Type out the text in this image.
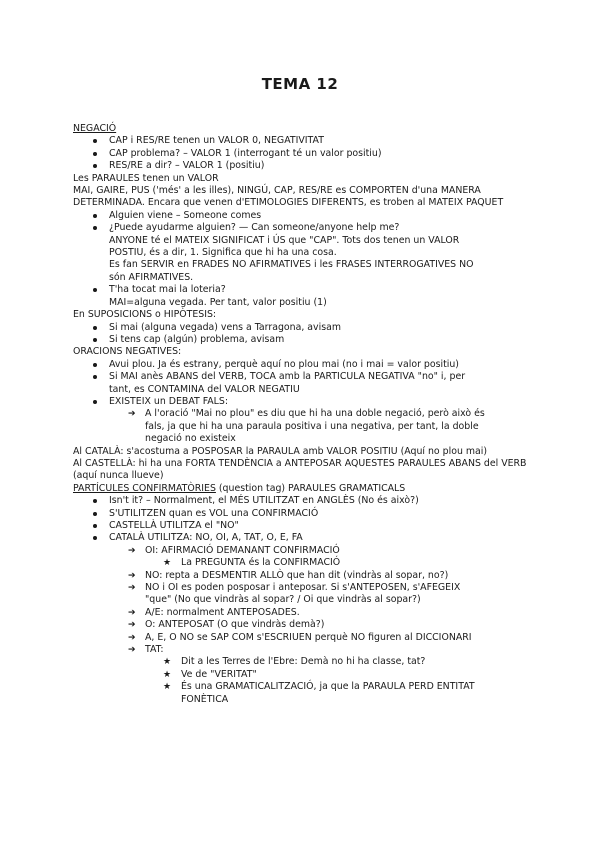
TEMA 12
NEGACIÓ
CAP i RES/RE tenen un VALOR 0, NEGATIVITAT
CAP problema? – VALOR 1 (interrogant té un valor positiu)
RES/RE a dir? – VALOR 1 (positiu)
Les PARAULES tenen un VALOR
MAI, GAIRE, PUS ('més' a les illes), NINGÚ, CAP, RES/RE es COMPORTEN d'una MANERA DETERMINADA. Encara que venen d'ETIMOLOGIES DIFERENTS, es troben al MATEIX PAQUET
Alguien viene – Someone comes
¿Puede ayudarme alguien? — Can someone/anyone help me?
ANYONE té el MATEIX SIGNIFICAT i ÚS que "CAP". Tots dos tenen un VALOR
POSTIU, és a dir, 1. Significa que hi ha una cosa.
Es fan SERVIR en FRADES NO AFIRMATIVES i les FRASES INTERROGATIVES NO
són AFIRMATIVES.
T'ha tocat mai la loteria?
MAI=alguna vegada. Per tant, valor positiu (1)
En SUPOSICIONS o HIPÒTESIS:
Si mai (alguna vegada) vens a Tarragona, avisam
Si tens cap (algún) problema, avisam
ORACIONS NEGATIVES:
Avui plou. Ja és estrany, perquè aquí no plou mai (no i mai = valor positiu)
Si MAI anès ABANS del VERB, TOCA amb la PARTICULA NEGATIVA "no" i, per
tant, es CONTAMINA del VALOR NEGATIU
EXISTEIX un DEBAT FALS:
➔ A l'oració "Mai no plou" es diu que hi ha una doble negació, però això és
fals, ja que hi ha una paraula positiva i una negativa, per tant, la doble
negació no existeix
Al CATALÀ: s'acostuma a POSPOSAR la PARAULA amb VALOR POSITIU (Aquí no plou mai)
Al CASTELLÀ: hi ha una FORTA TENDÈNCIA a ANTEPOSAR AQUESTES PARAULES ABANS del VERB (aquí nunca llueve)
PARTÍCULES CONFIRMATÒRIES (question tag) PARAULES GRAMATICALS
Isn't it? – Normalment, el MÉS UTILITZAT en ANGLÈS (No és això?)
S'UTILITZEN quan es VOL una CONFIRMACIÓ
CASTELLÀ UTILITZA el "NO"
CATALÀ UTILITZA: NO, OI, A, TAT, O, E, FA
➔ OI: AFIRMACIÓ DEMANANT CONFIRMACIÓ
★ La PREGUNTA és la CONFIRMACIÓ
➔ NO: repta a DESMENTIR ALLÒ que han dit (vindràs al sopar, no?)
➔ NO i OI es poden posposar i anteposar. Si s'ANTEPOSEN, s'AFEGEIX
"que" (No que vindràs al sopar? / Oi que vindràs al sopar?)
➔ A/E: normalment ANTEPOSADES.
➔ O: ANTEPOSAT (O que vindràs demà?)
➔ A, E, O NO se SAP COM s'ESCRIUEN perquè NO figuren al DICCIONARI
➔ TAT:
★ Dit a les Terres de l'Ebre: Demà no hi ha classe, tat?
★ Ve de "VERITAT"
★ És una GRAMATICALITZACIÓ, ja que la PARAULA PERD ENTITAT
FONÈTICA
